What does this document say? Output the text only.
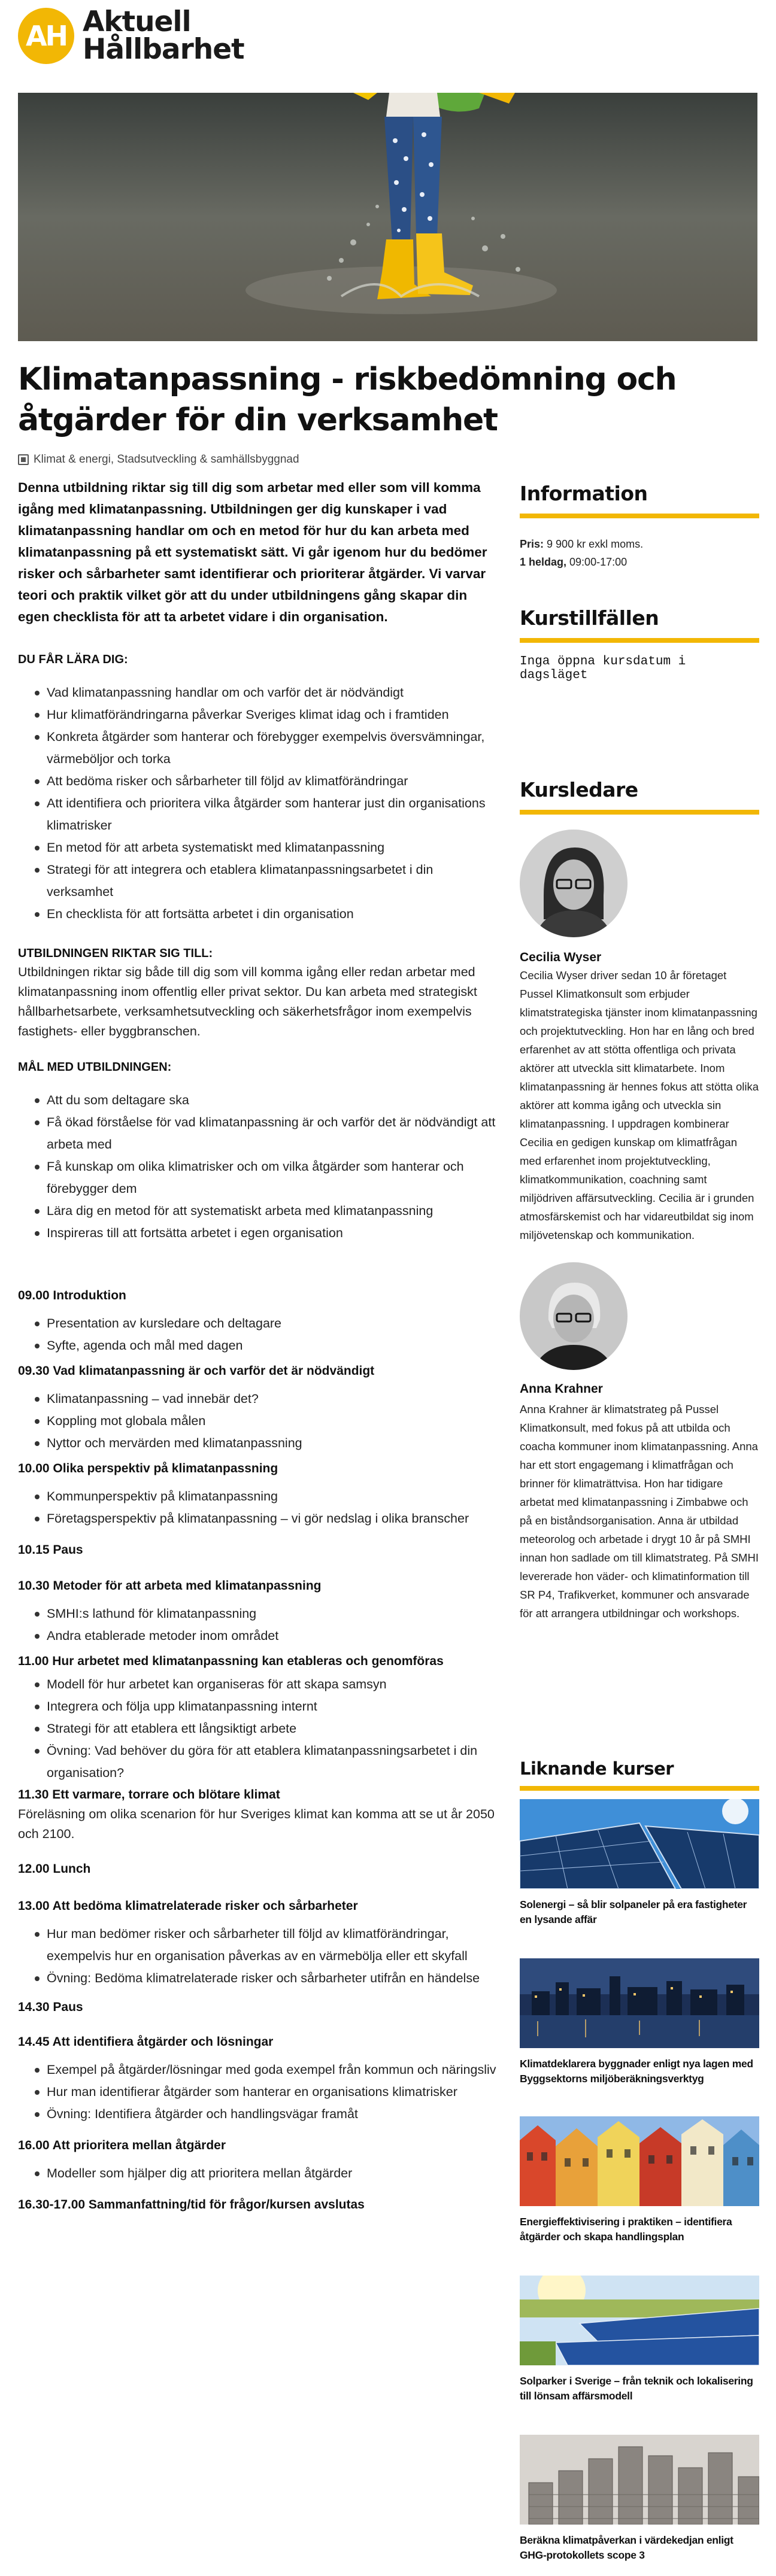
AH Aktuell
Hållbarhet
Klimatanpassning - riskbedömning och åtgärder för din verksamhet
Klimat & energi, Stadsutveckling & samhällsbyggnad

Denna utbildning riktar sig till dig som arbetar med eller som vill komma igång med klimatanpassning. Utbildningen ger dig kunskaper i vad klimatanpassning handlar om och en metod för hur du kan arbeta med klimatanpassning på ett systematiskt sätt. Vi går igenom hur du bedömer risker och sårbarheter samt identifierar och prioriterar åtgärder. Vi varvar teori och praktik vilket gör att du under utbildningens gång skapar din egen checklista för att ta arbetet vidare i din organisation.

DU FÅR LÄRA DIG:
Vad klimatanpassning handlar om och varför det är nödvändigt
Hur klimatförändringarna påverkar Sveriges klimat idag och i framtiden
Konkreta åtgärder som hanterar och förebygger exempelvis översvämningar, värmeböljor och torka
Att bedöma risker och sårbarheter till följd av klimatförändringar
Att identifiera och prioritera vilka åtgärder som hanterar just din organisations klimatrisker
En metod för att arbeta systematiskt med klimatanpassning
Strategi för att integrera och etablera klimatanpassningsarbetet i din verksamhet
En checklista för att fortsätta arbetet i din organisation
UTBILDNINGEN RIKTAR SIG TILL:

Utbildningen riktar sig både till dig som vill komma igång eller redan arbetar med klimatanpassning inom offentlig eller privat sektor. Du kan arbeta med strategiskt hållbarhetsarbete, verksamhetsutveckling och säkerhetsfrågor inom exempelvis fastighets- eller byggbranschen.

MÅL MED UTBILDNINGEN:
Att du som deltagare ska
Få ökad förståelse för vad klimatanpassning är och varför det är nödvändigt att arbeta med
Få kunskap om olika klimatrisker och om vilka åtgärder som hanterar och förebygger dem
Lära dig en metod för att systematiskt arbeta med klimatanpassning
Inspireras till att fortsätta arbetet i egen organisation
09.00 Introduktion
Presentation av kursledare och deltagare
Syfte, agenda och mål med dagen
09.30 Vad klimatanpassning är och varför det är nödvändigt
Klimatanpassning – vad innebär det?
Koppling mot globala målen
Nyttor och mervärden med klimatanpassning
10.00 Olika perspektiv på klimatanpassning
Kommunperspektiv på klimatanpassning
Företagsperspektiv på klimatanpassning – vi gör nedslag i olika branscher
10.15 Paus
10.30 Metoder för att arbeta med klimatanpassning
SMHI:s lathund för klimatanpassning
Andra etablerade metoder inom området
11.00 Hur arbetet med klimatanpassning kan etableras och genomföras
Modell för hur arbetet kan organiseras för att skapa samsyn
Integrera och följa upp klimatanpassning internt
Strategi för att etablera ett långsiktigt arbete
Övning: Vad behöver du göra för att etablera klimatanpassningsarbetet i din organisation?
11.30 Ett varmare, torrare och blötare klimat

Föreläsning om olika scenarion för hur Sveriges klimat kan komma att se ut år 2050 och 2100.

12.00 Lunch
13.00 Att bedöma klimatrelaterade risker och sårbarheter
Hur man bedömer risker och sårbarheter till följd av klimatförändringar, exempelvis hur en organisation påverkas av en värmebölja eller ett skyfall
Övning: Bedöma klimatrelaterade risker och sårbarheter utifrån en händelse
14.30 Paus
14.45 Att identifiera åtgärder och lösningar
Exempel på åtgärder/lösningar med goda exempel från kommun och näringsliv
Hur man identifierar åtgärder som hanterar en organisations klimatrisker
Övning: Identifiera åtgärder och handlingsvägar framåt
16.00 Att prioritera mellan åtgärder
Modeller som hjälper dig att prioritera mellan åtgärder
16.30-17.00 Sammanfattning/tid för frågor/kursen avslutas
Information
Pris: 9 900 kr exkl moms.
1 heldag, 09:00-17:00
Kurstillfällen
Inga öppna kursdatum i dagsläget
Kursledare
Cecilia Wyser

Cecilia Wyser driver sedan 10 år företaget Pussel Klimatkonsult som erbjuder klimatstrategiska tjänster inom klimatanpassning och projektutveckling. Hon har en lång och bred erfarenhet av att stötta offentliga och privata aktörer att utveckla sitt klimatarbete. Inom klimatanpassning är hennes fokus att stötta olika aktörer att komma igång och utveckla sin klimatanpassning. I uppdragen kombinerar Cecilia en gedigen kunskap om klimatfrågan med erfarenhet inom projektutveckling, klimatkommunikation, coachning samt miljödriven affärsutveckling. Cecilia är i grunden atmosfärskemist och har vidareutbildat sig inom miljövetenskap och kommunikation.

Anna Krahner

Anna Krahner är klimatstrateg på Pussel Klimatkonsult, med fokus på att utbilda och coacha kommuner inom klimatanpassning. Anna har ett stort engagemang i klimatfrågan och brinner för klimaträttvisa. Hon har tidigare arbetat med klimatanpassning i Zimbabwe och på en biståndsorganisation. Anna är utbildad meteorolog och arbetade i drygt 10 år på SMHI innan hon sadlade om till klimatstrateg. På SMHI levererade hon väder- och klimatinformation till SR P4, Trafikverket, kommuner och ansvarade för att arrangera utbildningar och workshops.

Liknande kurser
Solenergi – så blir solpaneler på era fastigheter en lysande affär
Klimatdeklarera byggnader enligt nya lagen med Byggsektorns miljöberäkningsverktyg
Energieffektivisering i praktiken – identifiera åtgärder och skapa handlingsplan
Solparker i Sverige – från teknik och lokalisering till lönsam affärsmodell
Beräkna klimatpåverkan i värdekedjan enligt GHG-protokollets scope 3
